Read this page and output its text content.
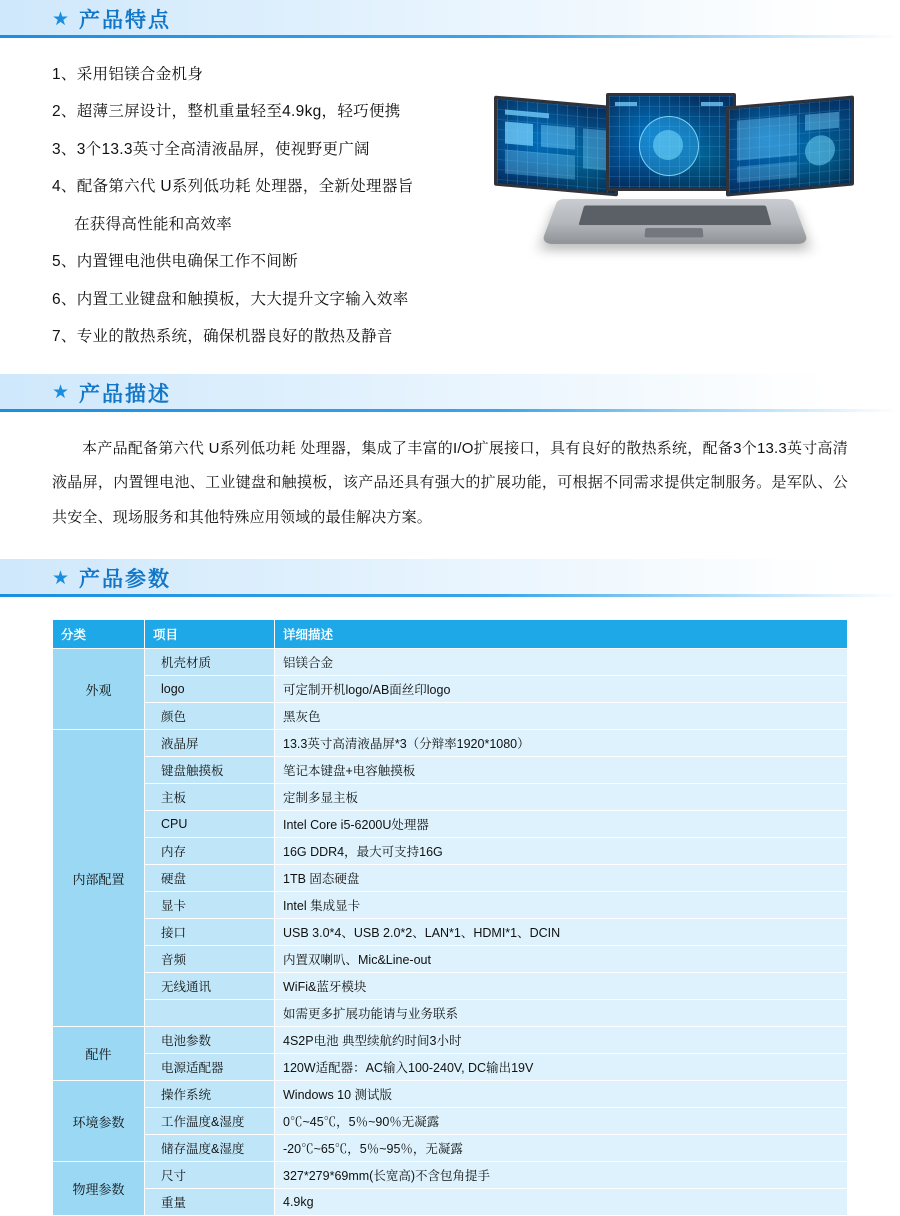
★ 产品特点
1、采用铝镁合金机身
2、超薄三屏设计，整机重量轻至4.9kg，轻巧便携
3、3个13.3英寸全高清液晶屏，使视野更广阔
4、配备第六代 U系列低功耗 处理器，全新处理器旨
在获得高性能和高效率
5、内置锂电池供电确保工作不间断
6、内置工业键盘和触摸板，大大提升文字输入效率
7、专业的散热系统，确保机器良好的散热及静音
★ 产品描述
本产品配备第六代 U系列低功耗 处理器，集成了丰富的I/O扩展接口，具有良好的散热系统，配备3个13.3英寸高清液晶屏，内置锂电池、工业键盘和触摸板，该产品还具有强大的扩展功能，可根据不同需求提供定制服务。是军队、公共安全、现场服务和其他特殊应用领域的最佳解决方案。
★ 产品参数
分类	项目	详细描述
外观	机壳材质	铝镁合金
	logo	可定制开机logo/AB面丝印logo
	颜色	黑灰色
内部配置	液晶屏	13.3英寸高清液晶屏*3（分辩率1920*1080）
	键盘触摸板	笔记本键盘+电容触摸板
	主板	定制多显主板
	CPU	Intel Core i5-6200U处理器
	内存	16G DDR4，最大可支持16G
	硬盘	1TB 固态硬盘
	显卡	Intel 集成显卡
	接口	USB 3.0*4、USB 2.0*2、LAN*1、HDMI*1、DCIN
	音频	内置双喇叭、Mic&Line-out
	无线通讯	WiFi&蓝牙模块
		如需更多扩展功能请与业务联系
配件	电池参数	4S2P电池 典型续航约时间3小时
	电源适配器	120W适配器：AC输入100-240V, DC输出19V
环境参数	操作系统	Windows 10 测试版
	工作温度&湿度	0℃~45℃，5％~90％无凝露
	储存温度&湿度	-20℃~65℃，5％~95％，无凝露
物理参数	尺寸	327*279*69mm(长宽高)不含包角提手
	重量	4.9kg
